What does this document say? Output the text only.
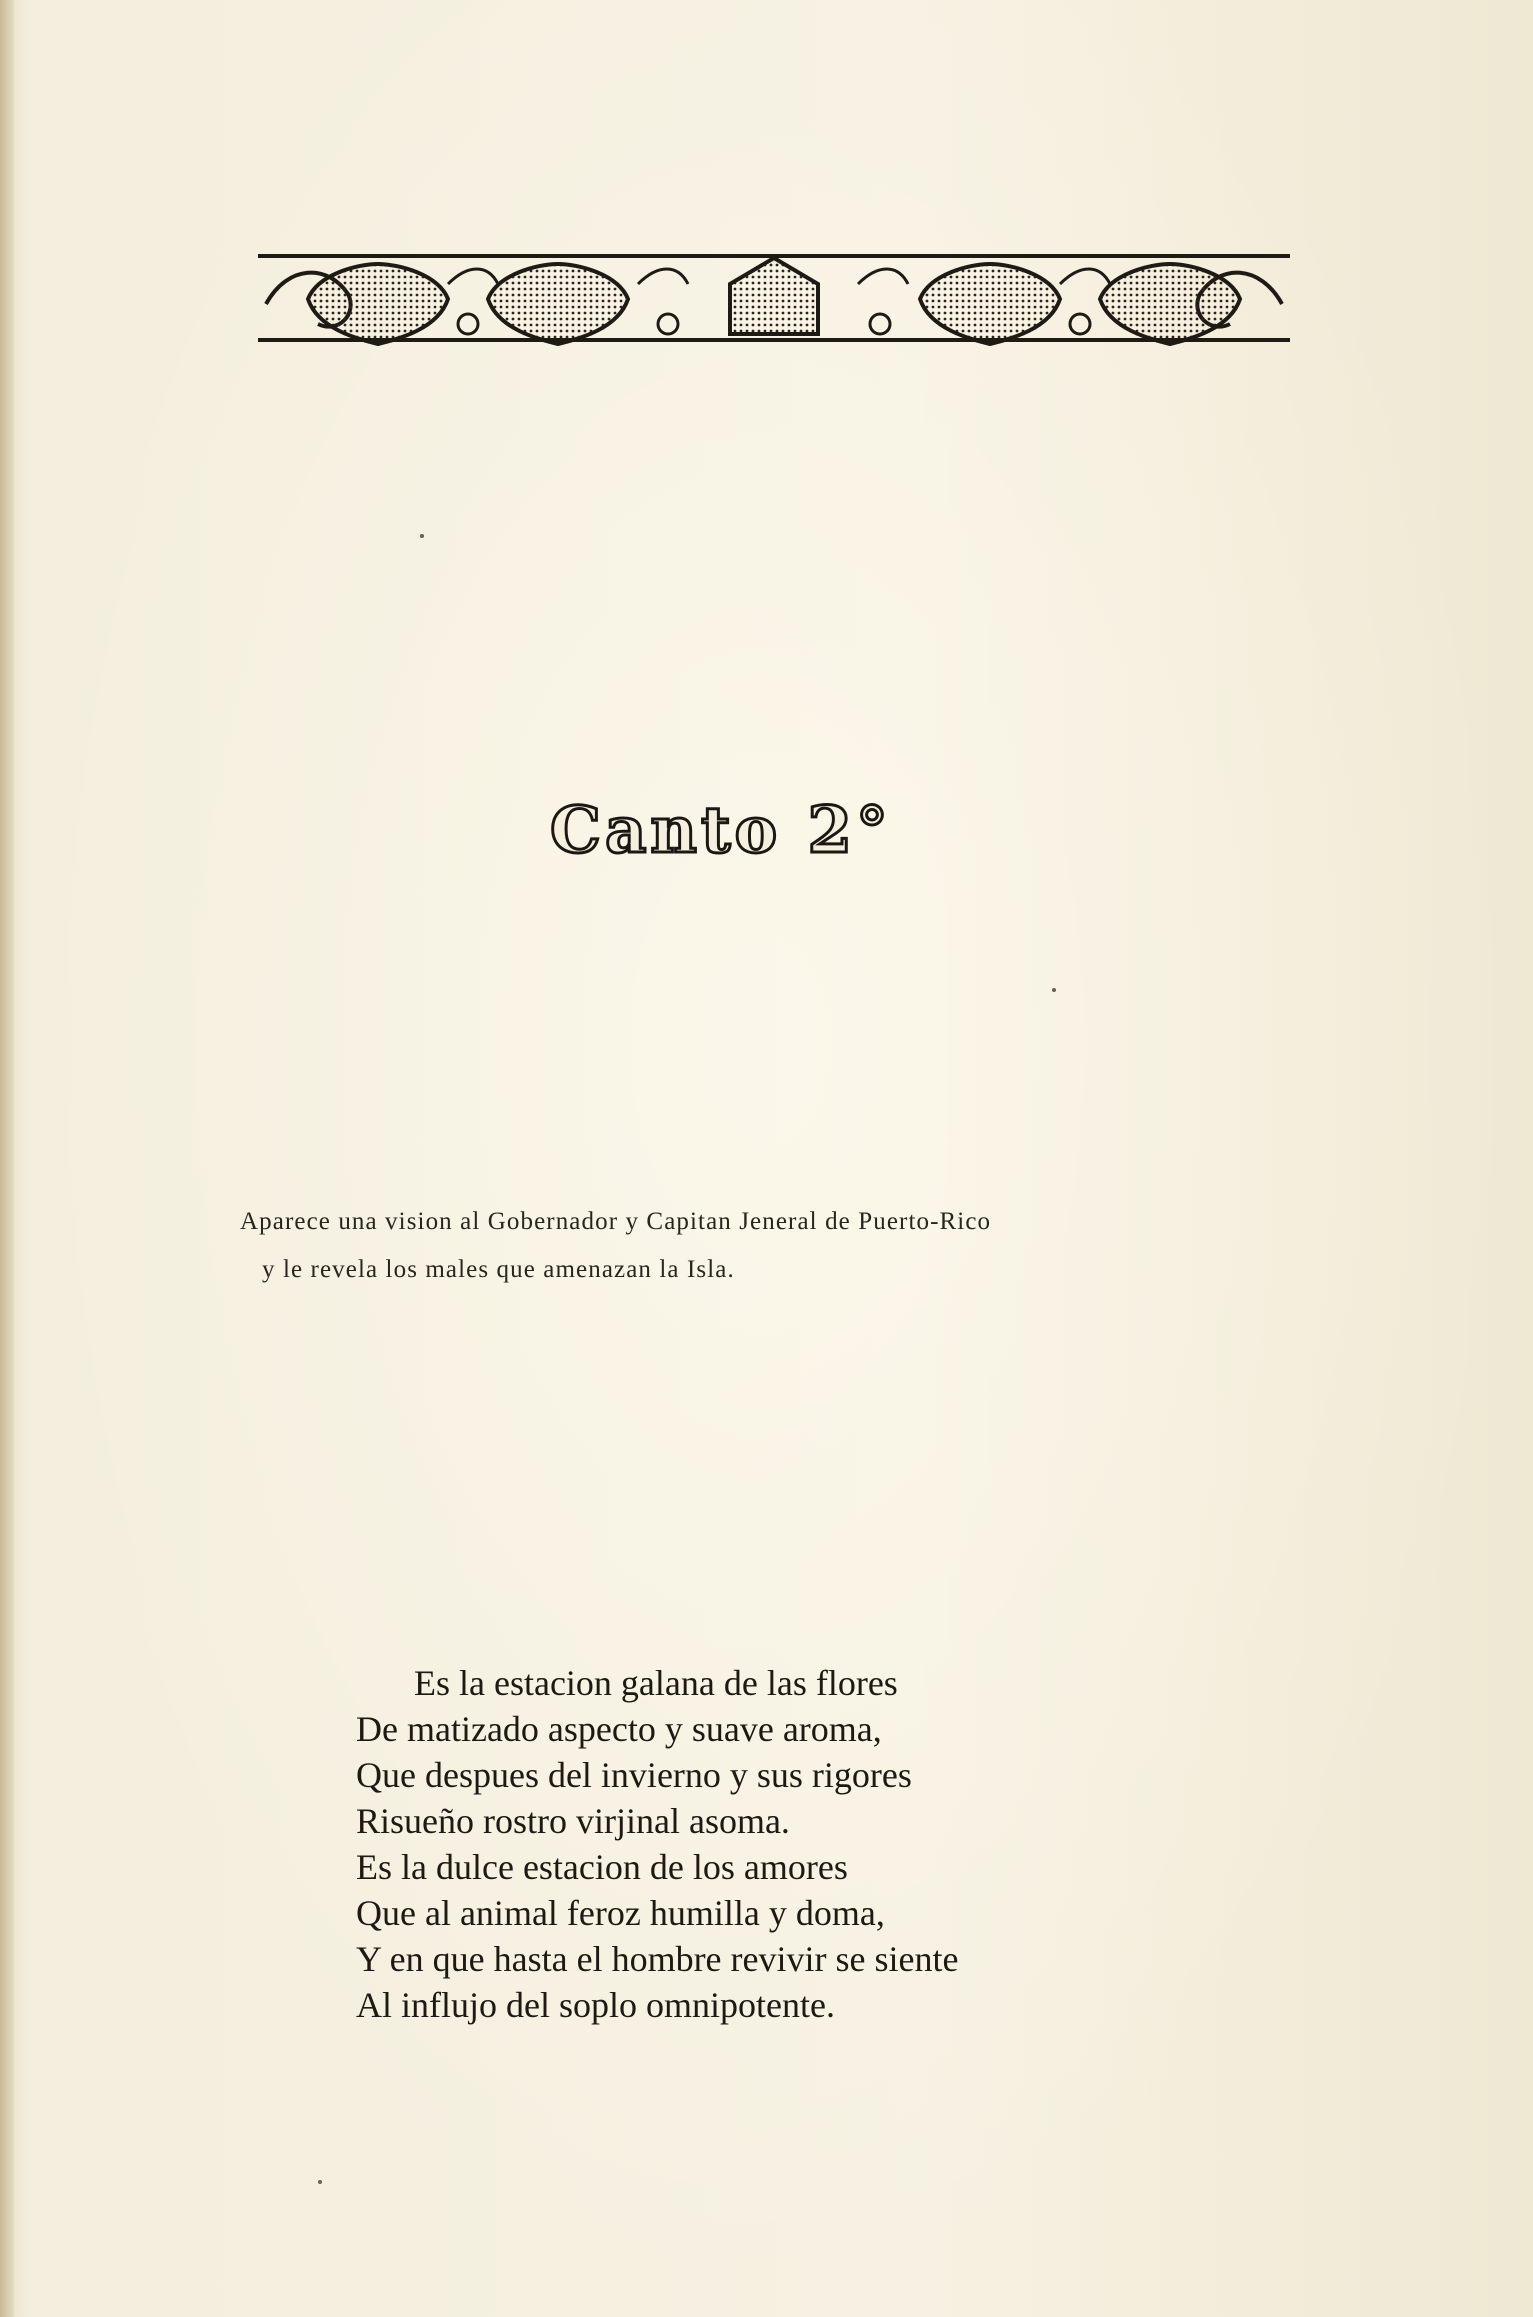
Canto 2°
Aparece una vision al Gobernador y Capitan Jeneral de Puerto-Rico
y le revela los males que amenazan la Isla.
Es la estacion galana de las flores
De matizado aspecto y suave aroma,
Que despues del invierno y sus rigores
Risueño rostro virjinal asoma.
Es la dulce estacion de los amores
Que al animal feroz humilla y doma,
Y en que hasta el hombre revivir se siente
Al influjo del soplo omnipotente.
